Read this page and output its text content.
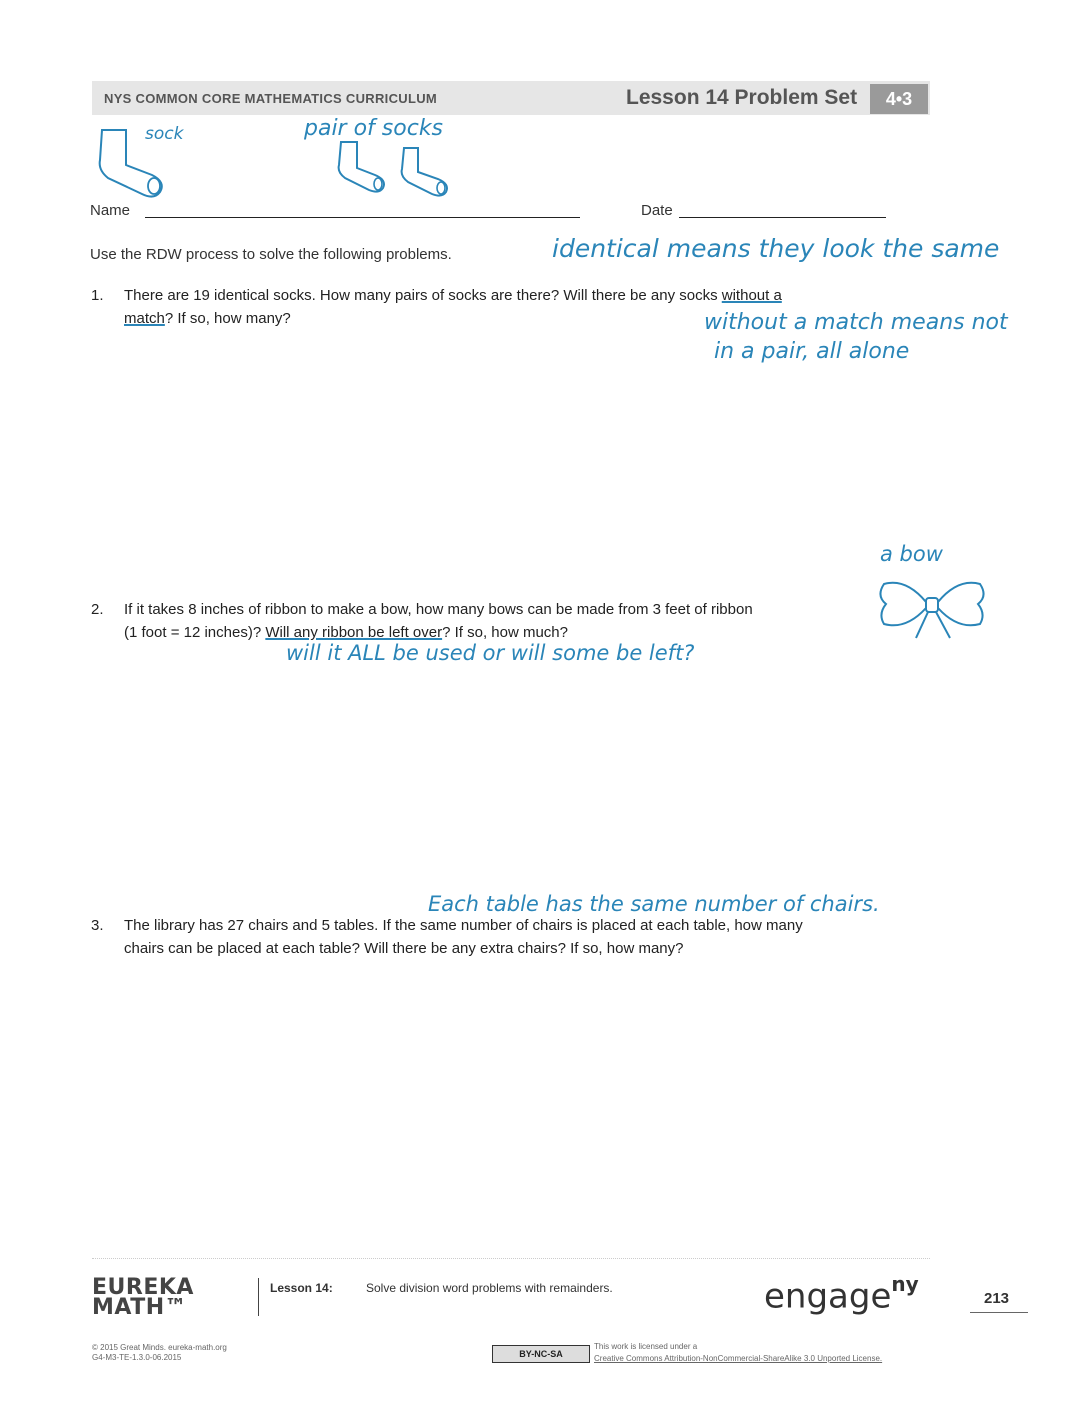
NYS COMMON CORE MATHEMATICS CURRICULUM	Lesson 14 Problem Set	4•3
sock	pair of socks
Name	Date
Use the RDW process to solve the following problems.	identical means they look the same
1. There are 19 identical socks. How many pairs of socks are there? Will there be any socks without a
match? If so, how many?	without a match means not
in a pair, all alone
a bow
2. If it takes 8 inches of ribbon to make a bow, how many bows can be made from 3 feet of ribbon
(1 foot = 12 inches)? Will any ribbon be left over? If so, how much?
will it ALL be used or will some be left?
Each table has the same number of chairs.
3. The library has 27 chairs and 5 tables. If the same number of chairs is placed at each table, how many
chairs can be placed at each table? Will there be any extra chairs? If so, how many?
EUREKA
MATH™
Lesson 14:	Solve division word problems with remainders.	engage$^{ny}$
213
© 2015 Great Minds. eureka-math.org
G4-M3-TE-1.3.0-06.2015	BY-NC-SA
This work is licensed under a
Creative Commons Attribution-NonCommercial-ShareAlike 3.0 Unported License.
